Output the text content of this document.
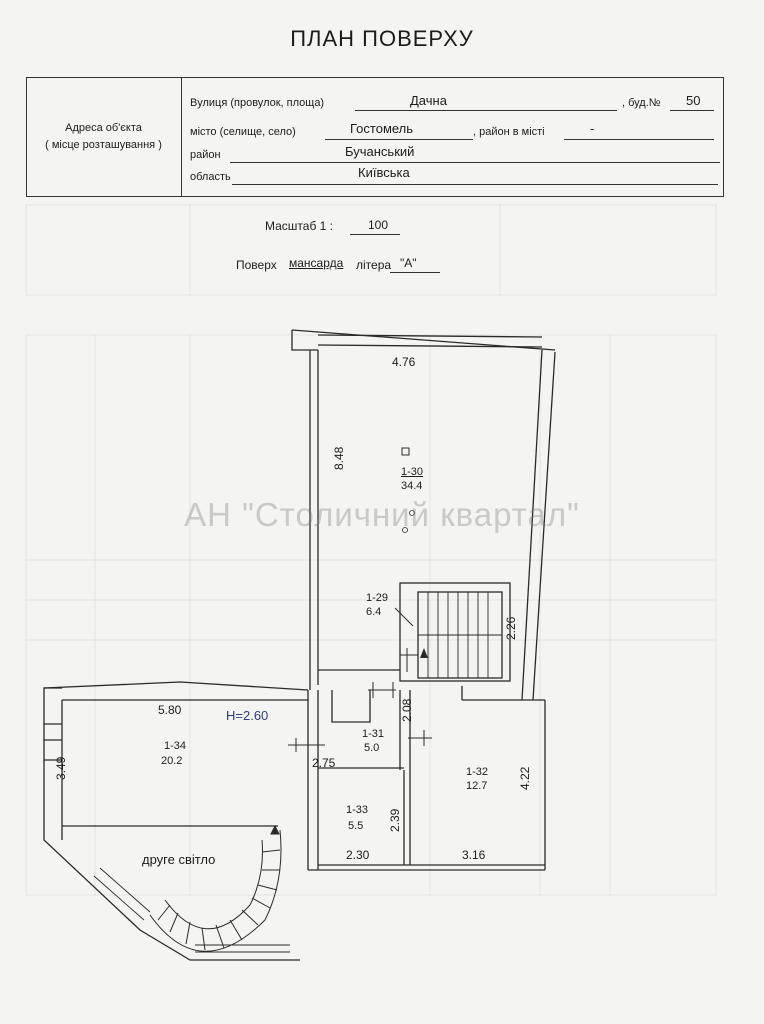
ПЛАН ПОВЕРХУ
Адреса об'єкта
( місце розташування )
Вулиця (провулок, площа)	Дачна	, буд.№ 50
місто (селище, село)	Гостомель	, район в місті	-
район	Бучанський
область	Київська
Масштаб 1 :	100
Поверх мансарда літера "А"
1-30
34.4
1-29
6.4
1-31
5.0
1-32
12.7
1-33
5.5
1-34
20.2
4.76
8.48
2.26
2.08
5.80
3.49	2.75
2.39
2.30	3.16
4.22
H=2.60
друге світло
АН "Столичний квартал"
